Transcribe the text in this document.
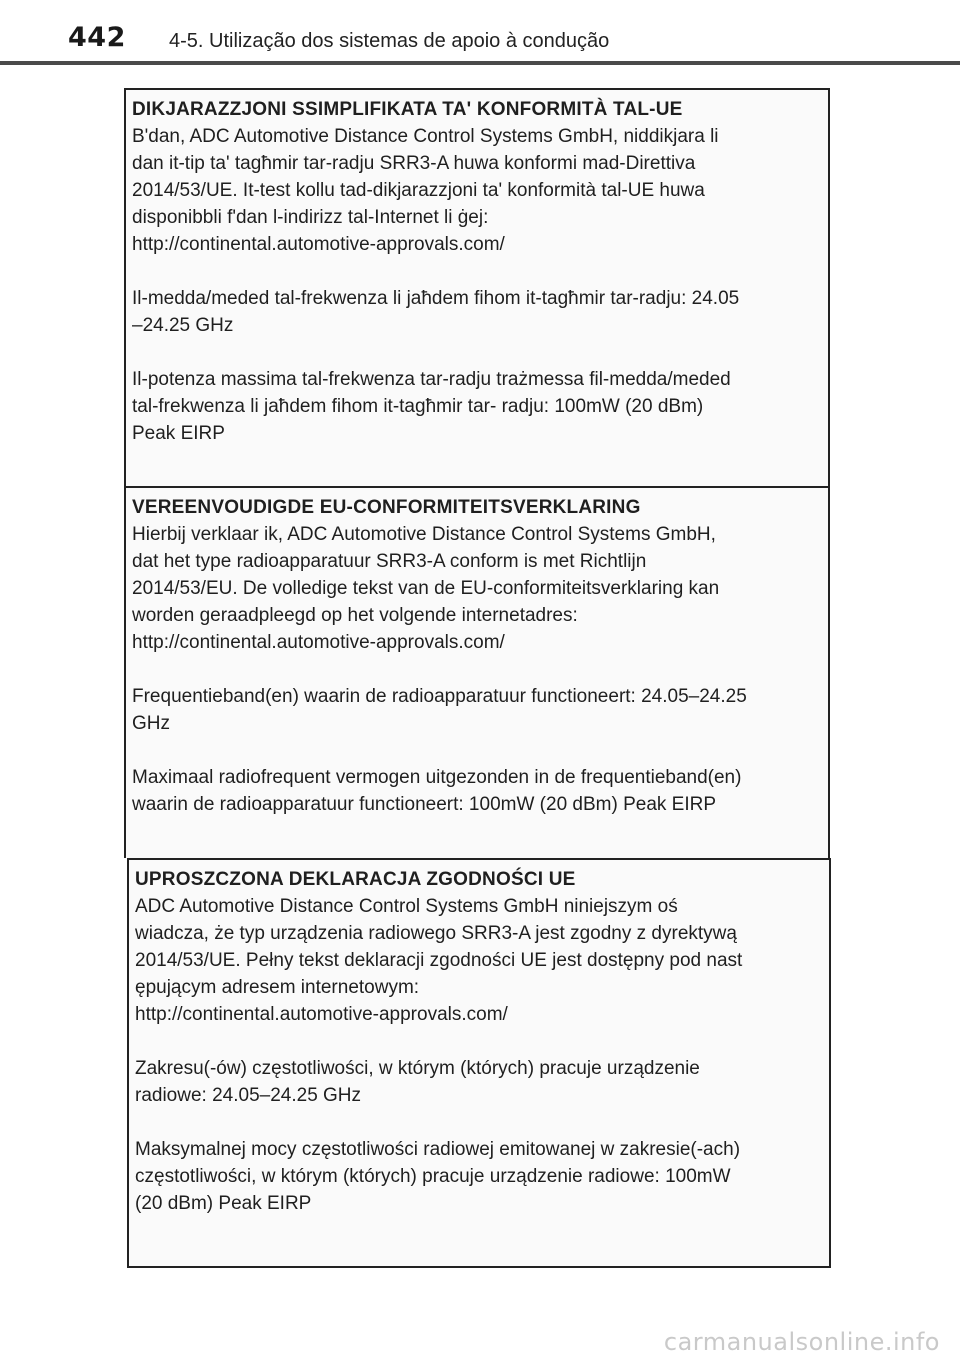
442 4-5. Utilização dos sistemas de apoio à condução
DIKJARAZZJONI SSIMPLIFIKATA TA' KONFORMITÀ TAL-UE

B'dan, ADC Automotive Distance Control Systems GmbH, niddikjara li

dan it-tip ta' tagħmir tar-radju SRR3-A huwa konformi mad-Direttiva

2014/53/UE. It-test kollu tad-dikjarazzjoni ta' konformità tal-UE huwa

disponibbli f'dan l-indirizz tal-Internet li ġej:

http://continental.automotive-approvals.com/

Il-medda/meded tal-frekwenza li jaħdem fihom it-tagħmir tar-radju: 24.05

–24.25 GHz

Il-potenza massima tal-frekwenza tar-radju trażmessa fil-medda/meded

tal-frekwenza li jaħdem fihom it-tagħmir tar- radju: 100mW (20 dBm)

Peak EIRP

VEREENVOUDIGDE EU-CONFORMITEITSVERKLARING

Hierbij verklaar ik, ADC Automotive Distance Control Systems GmbH,

dat het type radioapparatuur SRR3-A conform is met Richtlijn

2014/53/EU. De volledige tekst van de EU-conformiteitsverklaring kan

worden geraadpleegd op het volgende internetadres:

http://continental.automotive-approvals.com/

Frequentieband(en) waarin de radioapparatuur functioneert: 24.05–24.25

GHz

Maximaal radiofrequent vermogen uitgezonden in de frequentieband(en)

waarin de radioapparatuur functioneert: 100mW (20 dBm) Peak EIRP

UPROSZCZONA DEKLARACJA ZGODNOŚCI UE

ADC Automotive Distance Control Systems GmbH niniejszym oś

wiadcza, że typ urządzenia radiowego SRR3-A jest zgodny z dyrektywą

2014/53/UE. Pełny tekst deklaracji zgodności UE jest dostępny pod nast

ępującym adresem internetowym:

http://continental.automotive-approvals.com/

Zakresu(-ów) częstotliwości, w którym (których) pracuje urządzenie

radiowe: 24.05–24.25 GHz

Maksymalnej mocy częstotliwości radiowej emitowanej w zakresie(-ach)

częstotliwości, w którym (których) pracuje urządzenie radiowe: 100mW

(20 dBm) Peak EIRP

carmanualsonline.info
